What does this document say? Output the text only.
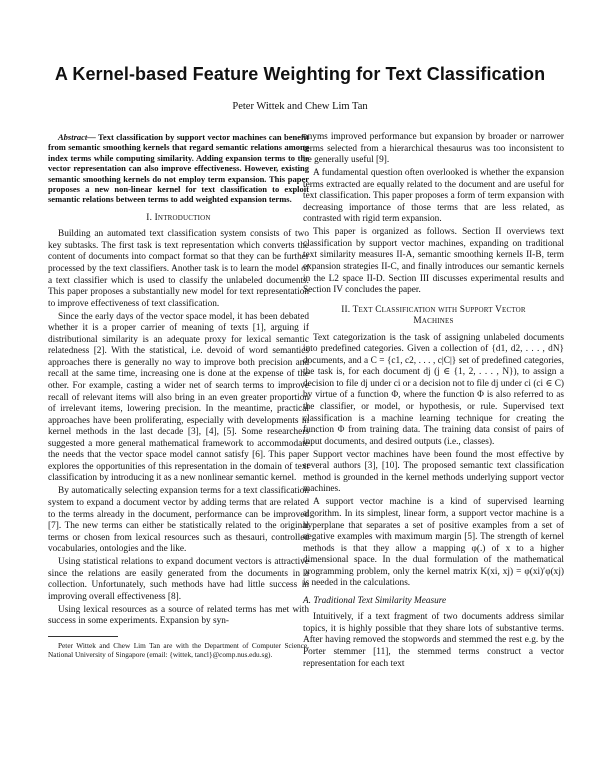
A Kernel-based Feature Weighting for Text Classification
Peter Wittek and Chew Lim Tan

Abstract— Text classification by support vector machines can benefit from semantic smoothing kernels that regard semantic relations among index terms while computing similarity. Adding expansion terms to the vector representation can also improve effectiveness. However, existing semantic smoothing kernels do not employ term expansion. This paper proposes a new non-linear kernel for text classification to exploit semantic relations between terms to add weighted expansion terms.

I. Introduction

Building an automated text classification system consists of two key subtasks. The first task is text representation which converts the content of documents into compact format so that they can be further processed by the text classifiers. Another task is to learn the model of a text classifier which is used to classify the unlabeled documents. This paper proposes a substantially new model for text representation to improve effectiveness of text classification.

Since the early days of the vector space model, it has been debated whether it is a proper carrier of meaning of texts [1], arguing if distributional similarity is an adequate proxy for lexical semantic relatedness [2]. With the statistical, i.e. devoid of word semantics approaches there is generally no way to improve both precision and recall at the same time, increasing one is done at the expense of the other. For example, casting a wider net of search terms to improve recall of relevant items will also bring in an even greater proportion of irrelevant items, lowering precision. In the meantime, practical approaches have been proliferating, especially with developments in kernel methods in the last decade [3], [4], [5]. Some researchers suggested a more general mathematical framework to accommodate the needs that the vector space model cannot satisfy [6]. This paper explores the opportunities of this representation in the domain of text classification by introducing it as a new nonlinear semantic kernel.

By automatically selecting expansion terms for a text classification system to expand a document vector by adding terms that are related to the terms already in the document, performance can be improved [7]. The new terms can either be statistically related to the original terms or chosen from lexical resources such as thesauri, controlled vocabularies, ontologies and the like.

Using statistical relations to expand document vectors is attractive since the relations are easily generated from the documents in a collection. Unfortunately, such methods have had little success in improving overall effectiveness [8].

Using lexical resources as a source of related terms has met with success in some experiments. Expansion by syn-

Peter Wittek and Chew Lim Tan are with the Department of Computer Science, National University of Singapore (email: {wittek, tancl}@comp.nus.edu.sg).

onyms improved performance but expansion by broader or narrower terms selected from a hierarchical thesaurus was too inconsistent to be generally useful [9].

A fundamental question often overlooked is whether the expansion terms extracted are equally related to the document and are useful for text classification. This paper proposes a form of term expansion with decreasing importance of those terms that are less related, as contrasted with rigid term expansion.

This paper is organized as follows. Section II overviews text classification by support vector machines, expanding on traditional text similarity measures II-A, semantic smoothing kernels II-B, term expansion strategies II-C, and finally introduces our semantic kernels in the L2 space II-D. Section III discusses experimental results and Section IV concludes the paper.

II. Text Classification with Support Vector
Machines

Text categorization is the task of assigning unlabeled documents into predefined categories. Given a collection of {d1, d2, . . . , dN} documents, and a C = {c1, c2, . . . , c|C|} set of predefined categories, the task is, for each document dj (j ∈ {1, 2, . . . , N}), to assign a decision to file dj under ci or a decision not to file dj under ci (ci ∈ C) by virtue of a function Φ, where the function Φ is also referred to as the classifier, or model, or hypothesis, or rule. Supervised text classification is a machine learning technique for creating the function Φ from training data. The training data consist of pairs of input documents, and desired outputs (i.e., classes).

Support vector machines have been found the most effective by several authors [3], [10]. The proposed semantic text classification method is grounded in the kernel methods underlying support vector machines.

A support vector machine is a kind of supervised learning algorithm. In its simplest, linear form, a support vector machine is a hyperplane that separates a set of positive examples from a set of negative examples with maximum margin [5]. The strength of kernel methods is that they allow a mapping φ(.) of x to a higher dimensional space. In the dual formulation of the mathematical programming problem, only the kernel matrix K(xi, xj) = φ(xi)′φ(xj) is needed in the calculations.

A. Traditional Text Similarity Measure

Intuitively, if a text fragment of two documents address similar topics, it is highly possible that they share lots of substantive terms. After having removed the stopwords and stemmed the rest e.g. by the Porter stemmer [11], the stemmed terms construct a vector representation for each text
